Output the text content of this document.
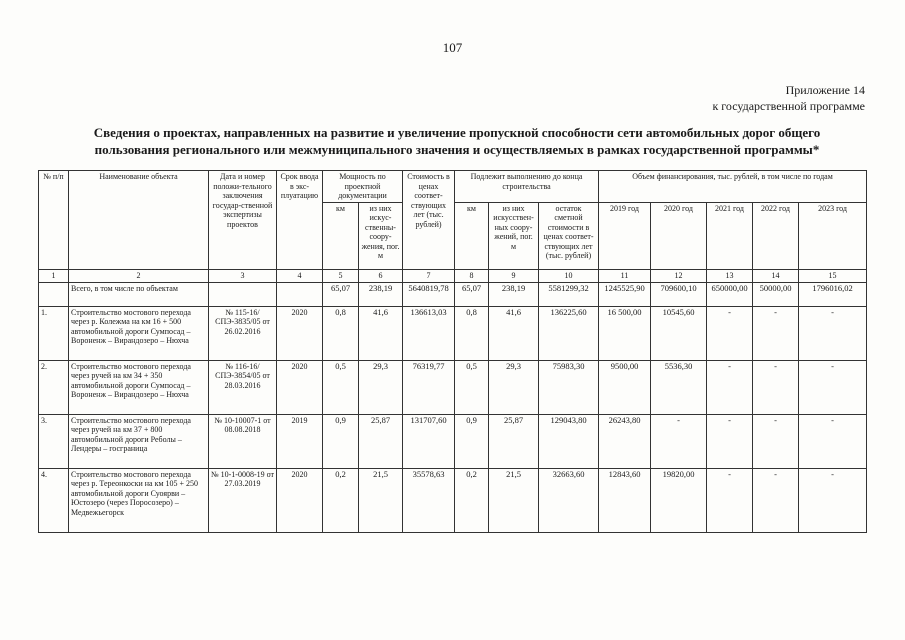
107
Приложение 14
к государственной программе
Сведения о проектах, направленных на развитие и увеличение пропускной способности сети автомобильных дорог общего пользования регионального или межмуниципального значения и осуществляемых в рамках государственной программы*
№ п/п	Наименование объекта	Дата и номер положи-тельного заключения государ-ственной экспертизы проектов	Срок ввода в экс-плуатацию	Мощность по проектной документации		Стоимость в ценах соответ-ствующих лет (тыс. рублей)	Подлежит выполнению до конца строительства			Объем финансирования, тыс. рублей, в том числе по годам				
				км	из них искус-ственны-соору-жения, пог. м		км	из них искусствен-ных соору-жений, пог. м	остаток сметной стоимости в ценах соответ-ствующих лет (тыс. рублей)	2019 год	2020 год	2021 год	2022 год	2023 год
1	2	3	4	5	6	7	8	9	10	11	12	13	14	15
	Всего, в том числе по объектам			65,07	238,19	5640819,78	65,07	238,19	5581299,32	1245525,90	709600,10	650000,00	50000,00	1796016,02
1.	Строительство мостового перехода через р. Колежма на км 16 + 500 автомобильной дороги Сумпосад – Вороненж – Вирандозеро – Нюхча	№ 115-16/ СПЭ-3835/05 от 26.02.2016	2020	0,8	41,6	136613,03	0,8	41,6	136225,60	16 500,00	10545,60	-	-	-
2.	Строительство мостового перехода через ручей на км 34 + 350 автомобильной дороги Сумпосад – Вороненж – Вирандозеро – Нюхча	№ 116-16/ СПЭ-3854/05 от 28.03.2016	2020	0,5	29,3	76319,77	0,5	29,3	75983,30	9500,00	5536,30	-	-	-
3.	Строительство мостового перехода через ручей на км 37 + 800 автомобильной дороги Реболы – Лендеры – госграница	№ 10-10007-1 от 08.08.2018	2019	0,9	25,87	131707,60	0,9	25,87	129043,80	26243,80	-	-	-	-
4.	Строительство мостового перехода через р. Тереонкоски на км 105 + 250 автомобильной дороги Суоярви – Юстозеро (через Поросозеро) – Медвежьегорск	№ 10-1-0008-19 от 27.03.2019	2020	0,2	21,5	35578,63	0,2	21,5	32663,60	12843,60	19820,00	-	-	-
